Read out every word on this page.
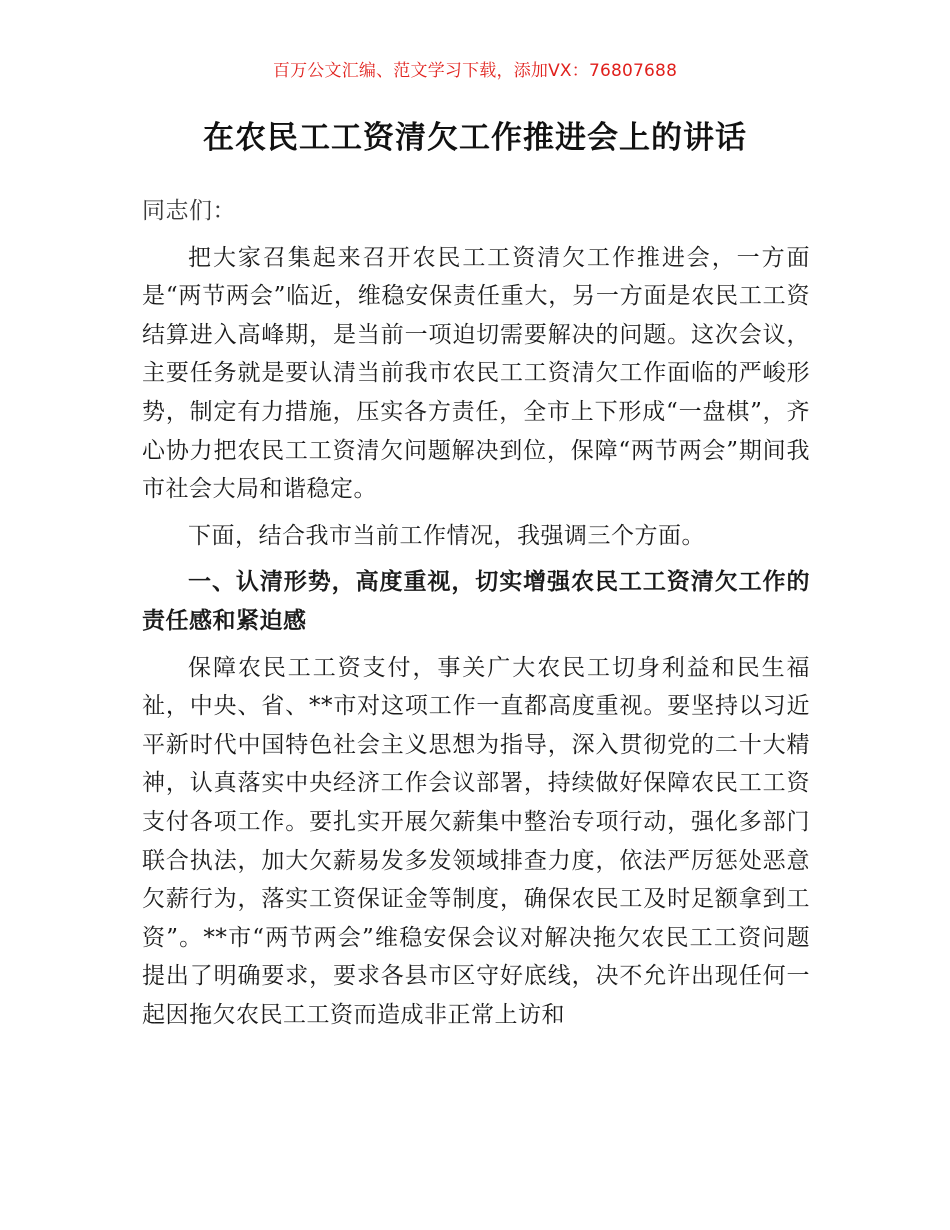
百万公文汇编、范文学习下载，添加VX：76807688
在农民工工资清欠工作推进会上的讲话

同志们：

把大家召集起来召开农民工工资清欠工作推进会，一方面是“两节两会”临近，维稳安保责任重大，另一方面是农民工工资结算进入高峰期，是当前一项迫切需要解决的问题。这次会议，主要任务就是要认清当前我市农民工工资清欠工作面临的严峻形势，制定有力措施，压实各方责任，全市上下形成“一盘棋”，齐心协力把农民工工资清欠问题解决到位，保障“两节两会”期间我市社会大局和谐稳定。

下面，结合我市当前工作情况，我强调三个方面。

一、认清形势，高度重视，切实增强农民工工资清欠工作的责任感和紧迫感

保障农民工工资支付，事关广大农民工切身利益和民生福祉，中央、省、**市对这项工作一直都高度重视。要坚持以习近平新时代中国特色社会主义思想为指导，深入贯彻党的二十大精神，认真落实中央经济工作会议部署，持续做好保障农民工工资支付各项工作。要扎实开展欠薪集中整治专项行动，强化多部门联合执法，加大欠薪易发多发领域排查力度，依法严厉惩处恶意欠薪行为，落实工资保证金等制度，确保农民工及时足额拿到工资”。**市“两节两会”维稳安保会议对解决拖欠农民工工资问题提出了明确要求，要求各县市区守好底线，决不允许出现任何一起因拖欠农民工工资而造成非正常上访和
